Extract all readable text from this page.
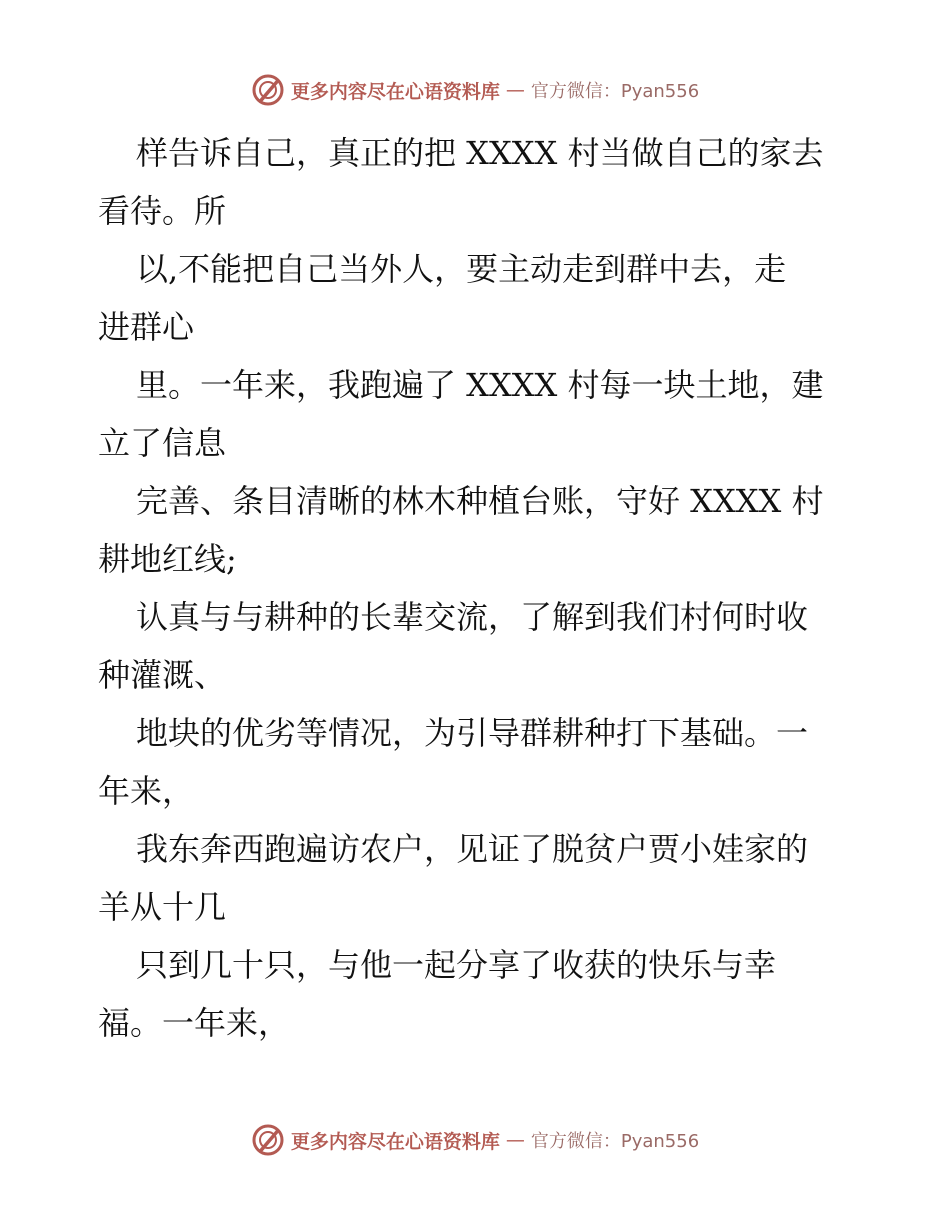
更多内容尽在心语资料库 — 官方微信：Pyan556
样告诉自己，真正的把 XXXX 村当做自己的家去
看待。所
以,不能把自己当外人，要主动走到群中去，走
进群心
里。一年来，我跑遍了 XXXX 村每一块土地，建
立了信息
完善、条目清晰的林木种植台账，守好 XXXX 村
耕地红线;
认真与与耕种的长辈交流，了解到我们村何时收
种灌溉、
地块的优劣等情况，为引导群耕种打下基础。一
年来，
我东奔西跑遍访农户，见证了脱贫户贾小娃家的
羊从十几
只到几十只，与他一起分享了收获的快乐与幸
福。一年来，
更多内容尽在心语资料库 — 官方微信：Pyan556
